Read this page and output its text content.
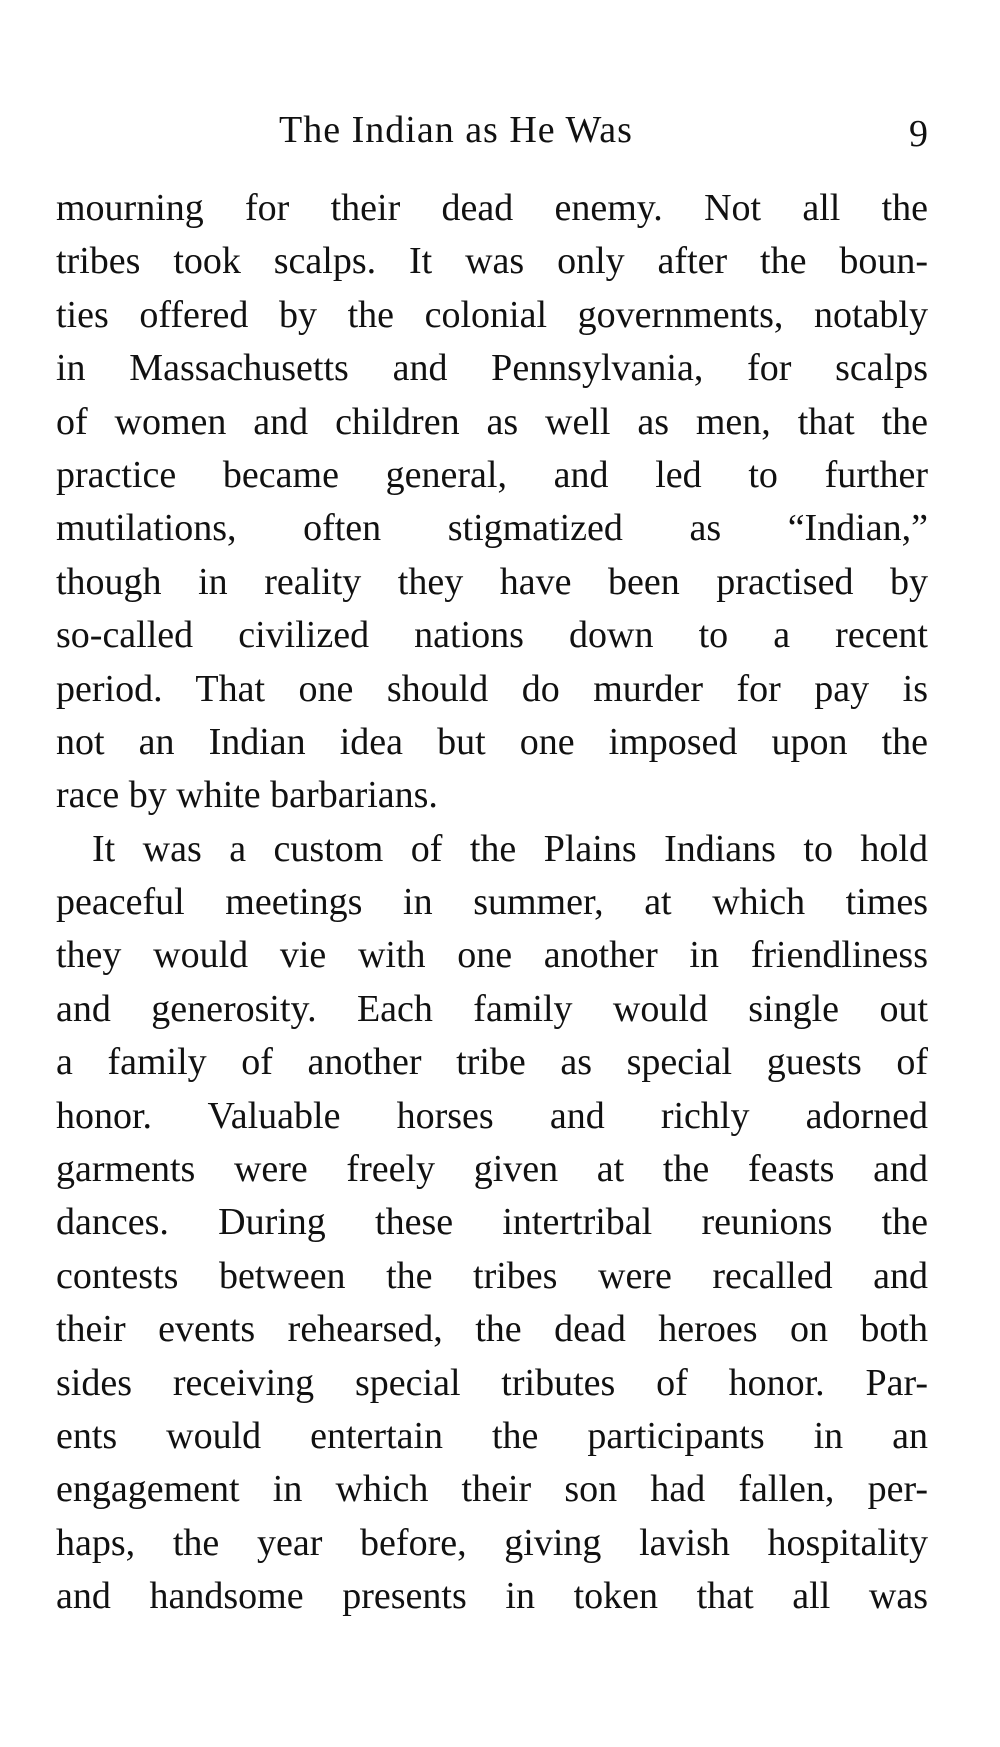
The Indian as He Was	9
mourning for their dead enemy. Not all the
tribes took scalps. It was only after the boun-
ties offered by the colonial governments, notably
in Massachusetts and Pennsylvania, for scalps
of women and children as well as men, that the
practice became general, and led to further
mutilations, often stigmatized as “Indian,”
though in reality they have been practised by
so-called civilized nations down to a recent
period. That one should do murder for pay is
not an Indian idea but one imposed upon the
race by white barbarians.
It was a custom of the Plains Indians to hold
peaceful meetings in summer, at which times
they would vie with one another in friendliness
and generosity. Each family would single out
a family of another tribe as special guests of
honor. Valuable horses and richly adorned
garments were freely given at the feasts and
dances. During these intertribal reunions the
contests between the tribes were recalled and
their events rehearsed, the dead heroes on both
sides receiving special tributes of honor. Par-
ents would entertain the participants in an
engagement in which their son had fallen, per-
haps, the year before, giving lavish hospitality
and handsome presents in token that all was
